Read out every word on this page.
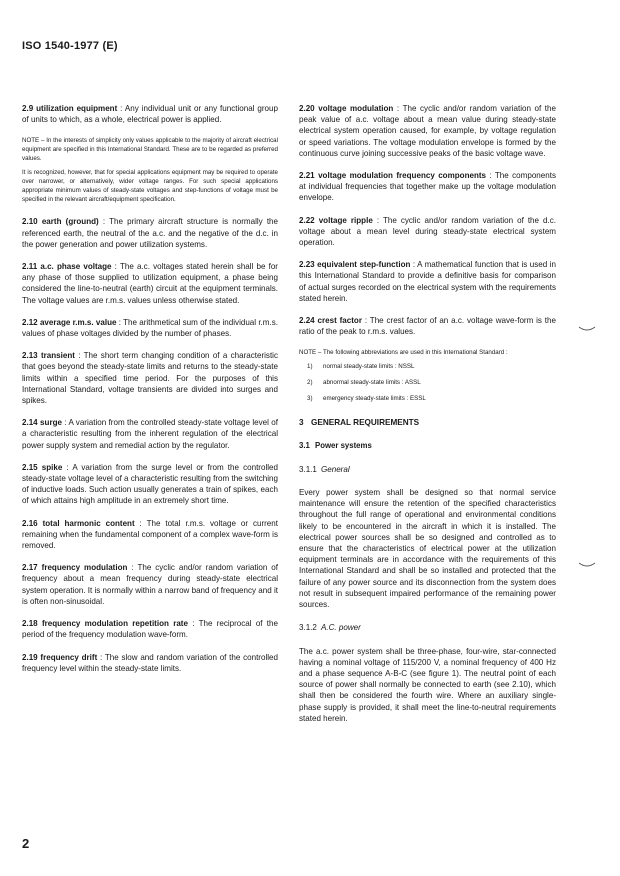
ISO 1540-1977 (E)

2.9 utilization equipment : Any individual unit or any functional group of units to which, as a whole, electrical power is applied.

NOTE – In the interests of simplicity only values applicable to the majority of aircraft electrical equipment are specified in this International Standard. These are to be regarded as preferred values.

It is recognized, however, that for special applications equipment may be required to operate over narrower, or alternatively, wider voltage ranges. For such special applications appropriate minimum values of steady-state voltages and step-functions of voltage must be specified in the relevant aircraft/equipment specification.

2.10 earth (ground) : The primary aircraft structure is normally the referenced earth, the neutral of the a.c. and the negative of the d.c. in the power generation and power utilization systems.

2.11 a.c. phase voltage : The a.c. voltages stated herein shall be for any phase of those supplied to utilization equipment, a phase being considered the line-to-neutral (earth) circuit at the equipment terminals. The voltage values are r.m.s. values unless otherwise stated.

2.12 average r.m.s. value : The arithmetical sum of the individual r.m.s. values of phase voltages divided by the number of phases.

2.13 transient : The short term changing condition of a characteristic that goes beyond the steady-state limits and returns to the steady-state limits within a specified time period. For the purposes of this International Standard, voltage transients are divided into surges and spikes.

2.14 surge : A variation from the controlled steady-state voltage level of a characteristic resulting from the inherent regulation of the electrical power supply system and remedial action by the regulator.

2.15 spike : A variation from the surge level or from the controlled steady-state voltage level of a characteristic resulting from the switching of inductive loads. Such action usually generates a train of spikes, each of which attains high amplitude in an extremely short time.

2.16 total harmonic content : The total r.m.s. voltage or current remaining when the fundamental component of a complex wave-form is removed.

2.17 frequency modulation : The cyclic and/or random variation of frequency about a mean frequency during steady-state electrical system operation. It is normally within a narrow band of frequency and it is often non-sinusoidal.

2.18 frequency modulation repetition rate : The reciprocal of the period of the frequency modulation wave-form.

2.19 frequency drift : The slow and random variation of the controlled frequency level within the steady-state limits.

2.20 voltage modulation : The cyclic and/or random variation of the peak value of a.c. voltage about a mean value during steady-state electrical system operation caused, for example, by voltage regulation or speed variations. The voltage modulation envelope is formed by the continuous curve joining successive peaks of the basic voltage wave.

2.21 voltage modulation frequency components : The components at individual frequencies that together make up the voltage modulation envelope.

2.22 voltage ripple : The cyclic and/or random variation of the d.c. voltage about a mean level during steady-state electrical system operation.

2.23 equivalent step-function : A mathematical function that is used in this International Standard to provide a definitive basis for comparison of actual surges recorded on the electrical system with the requirements stated herein.

2.24 crest factor : The crest factor of an a.c. voltage wave-form is the ratio of the peak to r.m.s. values.

NOTE – The following abbreviations are used in this International Standard :

1) normal steady-state limits : NSSL
2) abnormal steady-state limits : ASSL
3) emergency steady-state limits : ESSL
3 GENERAL REQUIREMENTS
3.1 Power systems
3.1.1 General

Every power system shall be designed so that normal service maintenance will ensure the retention of the specified characteristics throughout the full range of operational and environmental conditions likely to be encountered in the aircraft in which it is installed. The electrical power sources shall be so designed and controlled as to ensure that the characteristics of electrical power at the utilization equipment terminals are in accordance with the requirements of this International Standard and shall be so installed and protected that the failure of any power source and its disconnection from the system does not result in subsequent impaired performance of the remaining power sources.

3.1.2 A.C. power

The a.c. power system shall be three-phase, four-wire, star-connected having a nominal voltage of 115/200 V, a nominal frequency of 400 Hz and a phase sequence A-B-C (see figure 1). The neutral point of each source of power shall normally be connected to earth (see 2.10), which shall then be considered the fourth wire. Where an auxiliary single-phase supply is provided, it shall meet the line-to-neutral requirements stated herein.

2
